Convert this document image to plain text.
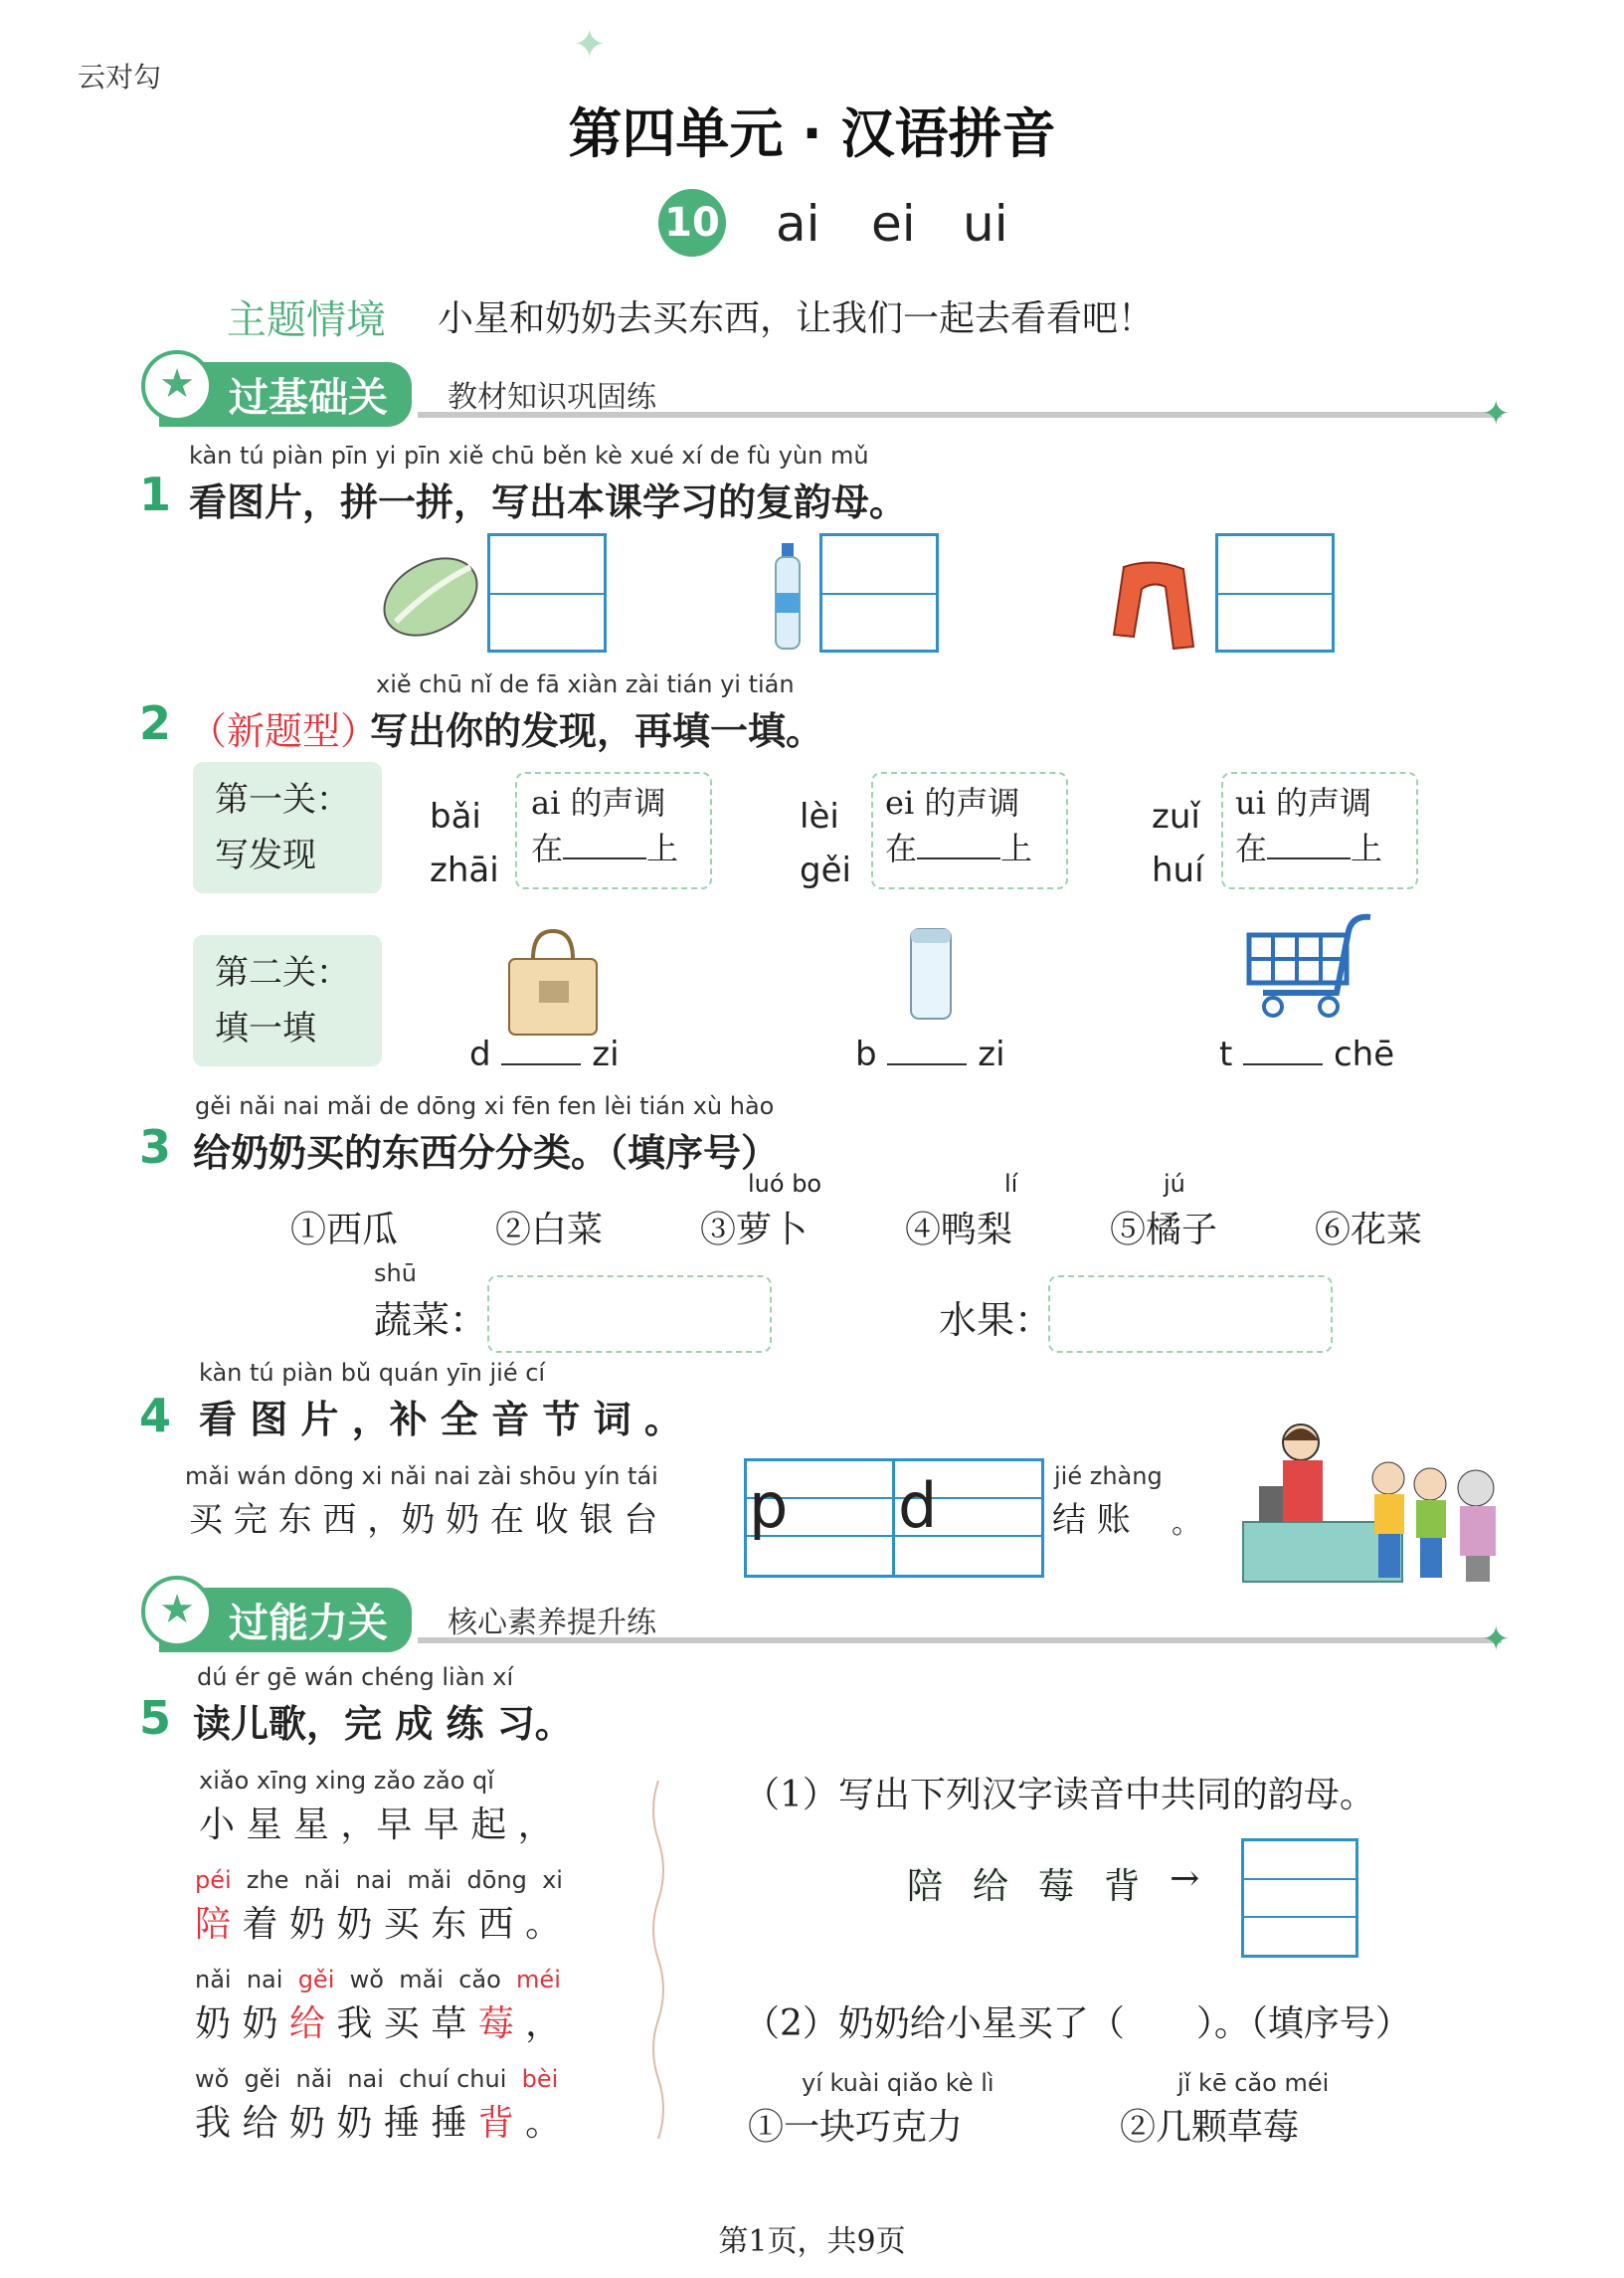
云对勾
✦
第四单元 · 汉语拼音
10 ai ei ui
主题情境 小星和奶奶去买东西，让我们一起去看看吧！
✦
过基础关
★	教材知识巩固练
1
kàn tú piàn pīn yi pīn xiě chū běn kè xué xí de fù yùn mǔ
看图片，拼一拼，写出本课学习的复韵母。
2
xiě chū nǐ de fā xiàn zài tián yi tián
（新题型）
写出你的发现，再填一填。
第一关：
写发现
bǎi
zhāi
ai 的声调
在	上
lèi
gěi
ei 的声调
在	上
zuǐ
huí
ui 的声调
在	上
第二关：
填一填
d	zi	b	zi	t	chē
3
gěi nǎi nai mǎi de dōng xi fēn fen lèi tián xù hào
给奶奶买的东西分分类。（填序号）
①西瓜	②白菜
luó bo
③萝卜
lí
④鸭梨
jú
⑤橘子	⑥花菜
shū
蔬菜：	水果：
4
kàn tú piàn bǔ quán yīn jié cí
看 图 片 ，补 全 音 节 词 。
mǎi wán dōng xi nǎi nai zài shōu yín tái
买 完 东 西 ，奶 奶 在 收 银 台 p d	jié zhàng
结 账 。
✦
过能力关
★	核心素养提升练
5
dú ér gē wán chéng liàn xí
读儿歌，完 成 练 习。
xiǎo xīng xing zǎo zǎo qǐ
小 星 星 ，早 早 起 ，
péi  zhe  nǎi  nai  mǎi  dōng  xi
陪 着 奶 奶 买 东 西 。
nǎi  nai  gěi  wǒ  mǎi  cǎo  méi
奶 奶 给 我 买 草 莓 ，
wǒ  gěi  nǎi  nai  chuí chui  bèi
我 给 奶 奶 捶 捶 背 。
（1）写出下列汉字读音中共同的韵母。
陪 给 莓 背 →
（2）奶奶给小星买了（　　）。（填序号）
yí kuài qiǎo kè lì
①一块巧克力
jǐ kē cǎo méi
②几颗草莓
第1页，共9页
